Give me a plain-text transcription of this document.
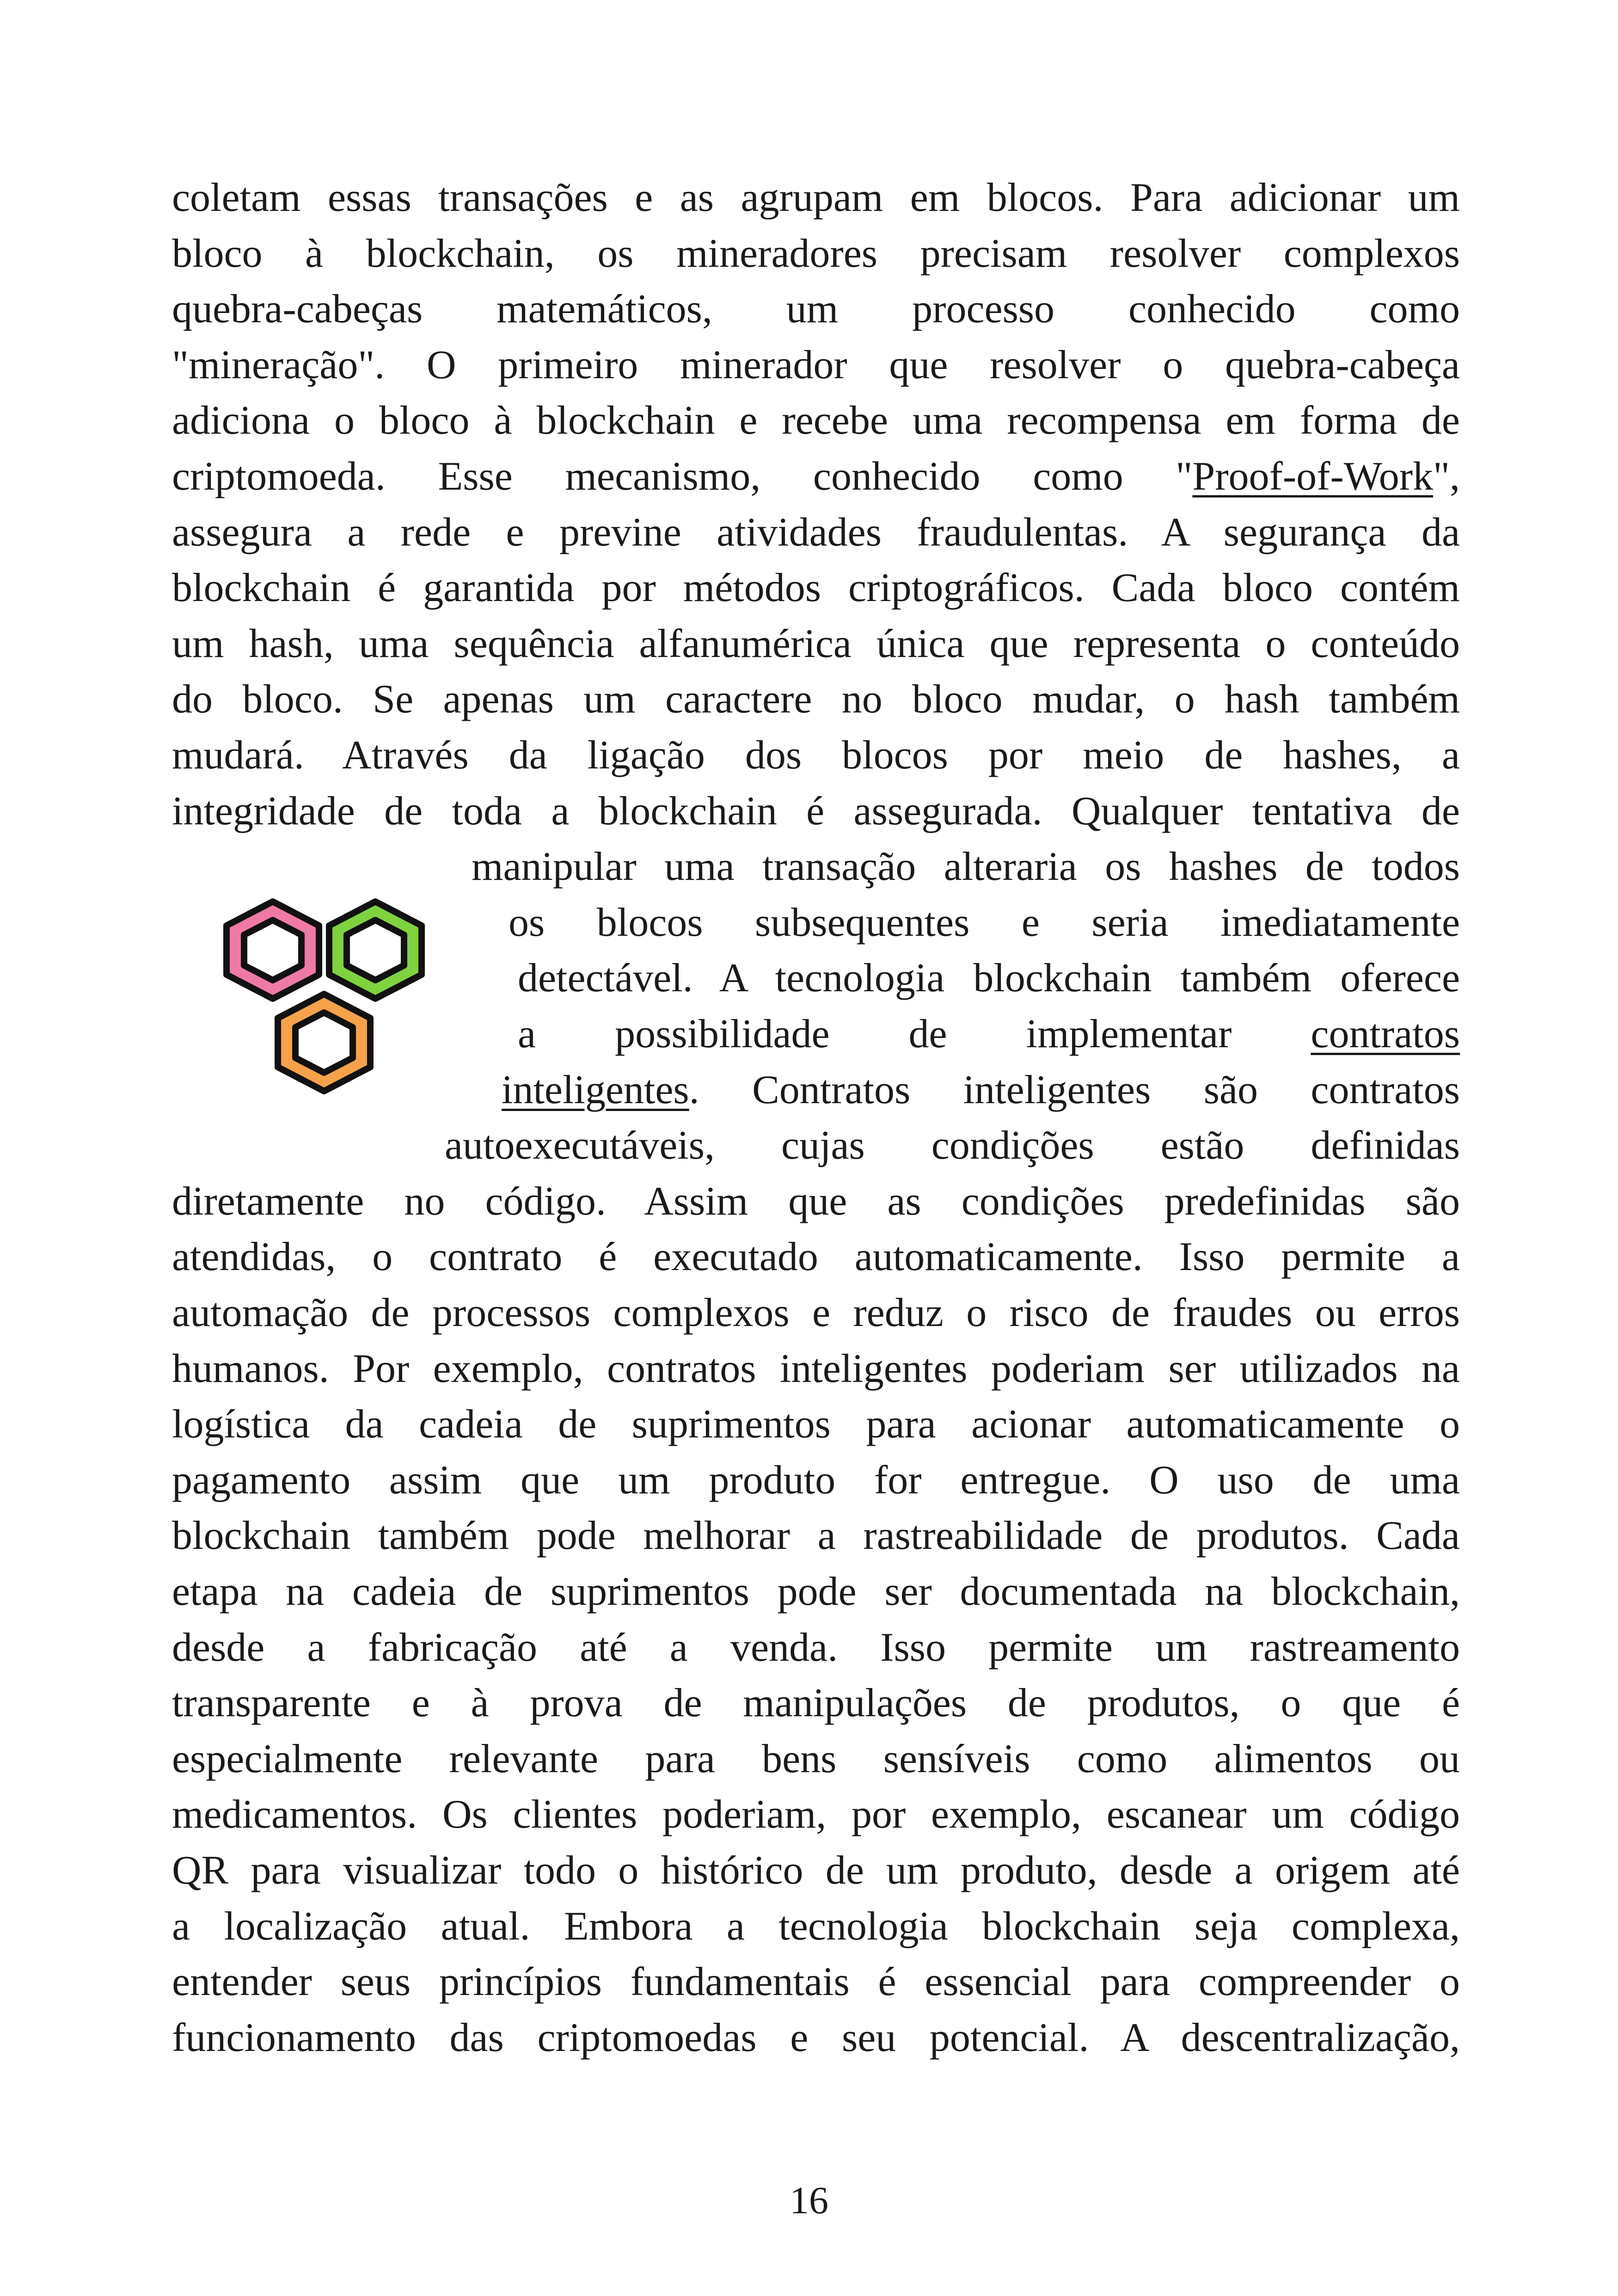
coletam essas transações e as agrupam em blocos. Para adicionar um
bloco à blockchain, os mineradores precisam resolver complexos
quebra-cabeças matemáticos, um processo conhecido como
"mineração". O primeiro minerador que resolver o quebra-cabeça
adiciona o bloco à blockchain e recebe uma recompensa em forma de
criptomoeda. Esse mecanismo, conhecido como "Proof-of-Work",
assegura a rede e previne atividades fraudulentas. A segurança da
blockchain é garantida por métodos criptográficos. Cada bloco contém
um hash, uma sequência alfanumérica única que representa o conteúdo
do bloco. Se apenas um caractere no bloco mudar, o hash também
mudará. Através da ligação dos blocos por meio de hashes, a
integridade de toda a blockchain é assegurada. Qualquer tentativa de
manipular uma transação alteraria os hashes de todos
os blocos subsequentes e seria imediatamente
detectável. A tecnologia blockchain também oferece
a possibilidade de implementar contratos
inteligentes. Contratos inteligentes são contratos
autoexecutáveis, cujas condições estão definidas
diretamente no código. Assim que as condições predefinidas são
atendidas, o contrato é executado automaticamente. Isso permite a
automação de processos complexos e reduz o risco de fraudes ou erros
humanos. Por exemplo, contratos inteligentes poderiam ser utilizados na
logística da cadeia de suprimentos para acionar automaticamente o
pagamento assim que um produto for entregue. O uso de uma
blockchain também pode melhorar a rastreabilidade de produtos. Cada
etapa na cadeia de suprimentos pode ser documentada na blockchain,
desde a fabricação até a venda. Isso permite um rastreamento
transparente e à prova de manipulações de produtos, o que é
especialmente relevante para bens sensíveis como alimentos ou
medicamentos. Os clientes poderiam, por exemplo, escanear um código
QR para visualizar todo o histórico de um produto, desde a origem até
a localização atual. Embora a tecnologia blockchain seja complexa,
entender seus princípios fundamentais é essencial para compreender o
funcionamento das criptomoedas e seu potencial. A descentralização,
16
